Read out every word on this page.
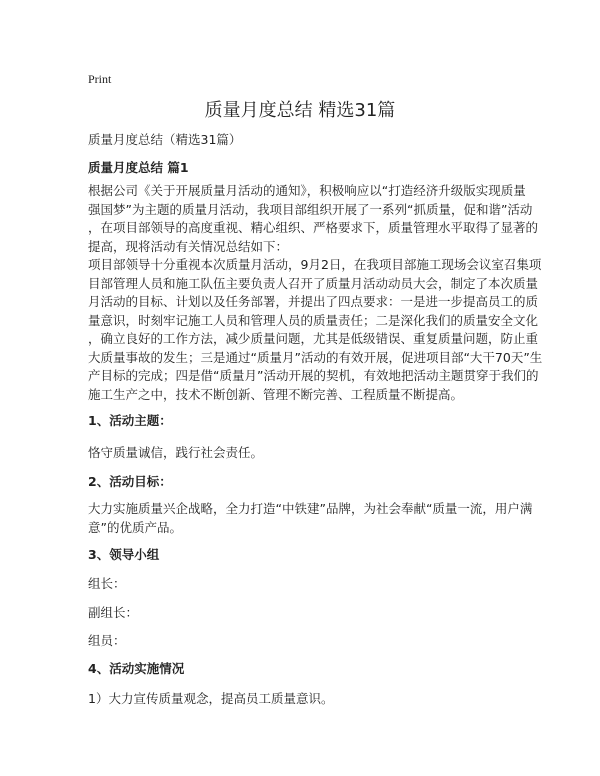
Print
质量月度总结 精选31篇
质量月度总结（精选31篇）
质量月度总结 篇1
根据公司《关于开展质量月活动的通知》，积极响应以“打造经济升级版实现质量
强国梦”为主题的质量月活动，我项目部组织开展了一系列“抓质量，促和谐”活动
，在项目部领导的高度重视、精心组织、严格要求下，质量管理水平取得了显著的
提高，现将活动有关情况总结如下：
项目部领导十分重视本次质量月活动，9月2日，在我项目部施工现场会议室召集项
目部管理人员和施工队伍主要负责人召开了质量月活动动员大会，制定了本次质量
月活动的目标、计划以及任务部署，并提出了四点要求：一是进一步提高员工的质
量意识，时刻牢记施工人员和管理人员的质量责任；二是深化我们的质量安全文化
，确立良好的工作方法，减少质量问题，尤其是低级错误、重复质量问题，防止重
大质量事故的发生；三是通过“质量月”活动的有效开展，促进项目部“大干70天”生
产目标的完成；四是借“质量月”活动开展的契机，有效地把活动主题贯穿于我们的
施工生产之中，技术不断创新、管理不断完善、工程质量不断提高。
1、活动主题：
恪守质量诚信，践行社会责任。
2、活动目标：
大力实施质量兴企战略，全力打造“中铁建”品牌，为社会奉献“质量一流，用户满
意”的优质产品。
3、领导小组
组长：
副组长：
组员：
4、活动实施情况
1）大力宣传质量观念，提高员工质量意识。
